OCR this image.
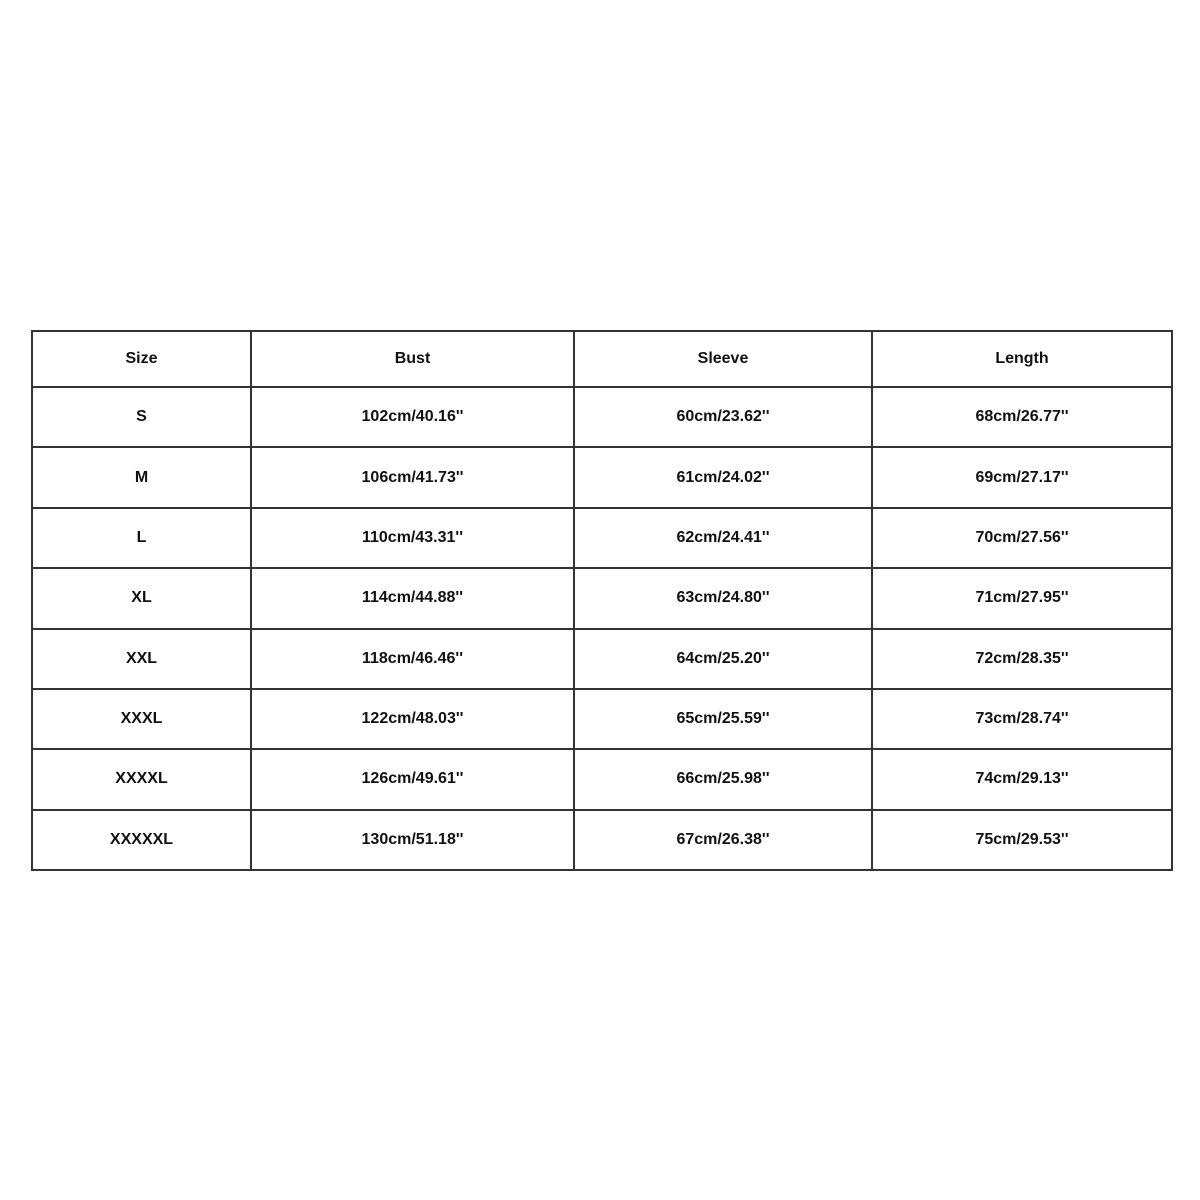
Size	Bust	Sleeve	Length
S	102cm/40.16''	60cm/23.62''	68cm/26.77''
M	106cm/41.73''	61cm/24.02''	69cm/27.17''
L	110cm/43.31''	62cm/24.41''	70cm/27.56''
XL	114cm/44.88''	63cm/24.80''	71cm/27.95''
XXL	118cm/46.46''	64cm/25.20''	72cm/28.35''
XXXL	122cm/48.03''	65cm/25.59''	73cm/28.74''
XXXXL	126cm/49.61''	66cm/25.98''	74cm/29.13''
XXXXXL	130cm/51.18''	67cm/26.38''	75cm/29.53''
